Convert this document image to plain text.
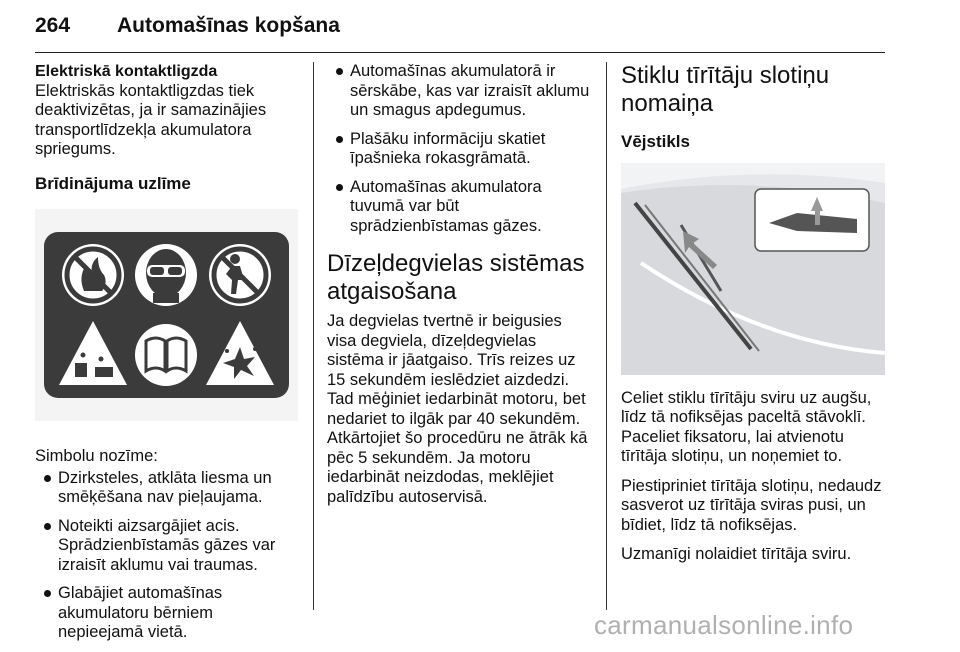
264	Automašīnas kopšana

Elektriskā kontaktligzda

Elektriskās kontaktligzdas tiek deaktivizētas, ja ir samazinājies transportlīdzekļa akumulatora spriegums.

Brīdinājuma uzlīme

Simbolu nozīme:

Dzirksteles, atklāta liesma un smēķēšana nav pieļaujama.
Noteikti aizsargājiet acis. Sprādzienbīstamās gāzes var izraisīt aklumu vai traumas.
Glabājiet automašīnas akumulatoru bērniem nepieejamā vietā.
Automašīnas akumulatorā ir sērskābe, kas var izraisīt aklumu un smagus apdegumus.
Plašāku informāciju skatiet īpašnieka rokasgrāmatā.
Automašīnas akumulatora tuvumā var būt sprādzienbīstamas gāzes.
Dīzeļdegvielas sistēmas atgaisošana

Ja degvielas tvertnē ir beigusies visa degviela, dīzeļdegvielas sistēma ir jāatgaiso. Trīs reizes uz 15 sekundēm ieslēdziet aizdedzi. Tad mēģiniet iedarbināt motoru, bet nedariet to ilgāk par 40 sekundēm. Atkārtojiet šo procedūru ne ātrāk kā pēc 5 sekundēm. Ja motoru iedarbināt neizdodas, meklējiet palīdzību autoservisā.

Stiklu tīrītāju slotiņu nomaiņa

Vējstikls

Celiet stiklu tīrītāju sviru uz augšu, līdz tā nofiksējas paceltā stāvoklī. Paceliet fiksatoru, lai atvienotu tīrītāja slotiņu, un noņemiet to.

Piestipriniet tīrītāja slotiņu, nedaudz sasverot uz tīrītāja sviras pusi, un bīdiet, līdz tā nofiksējas.

Uzmanīgi nolaidiet tīrītāja sviru.

carmanualsonline.info
